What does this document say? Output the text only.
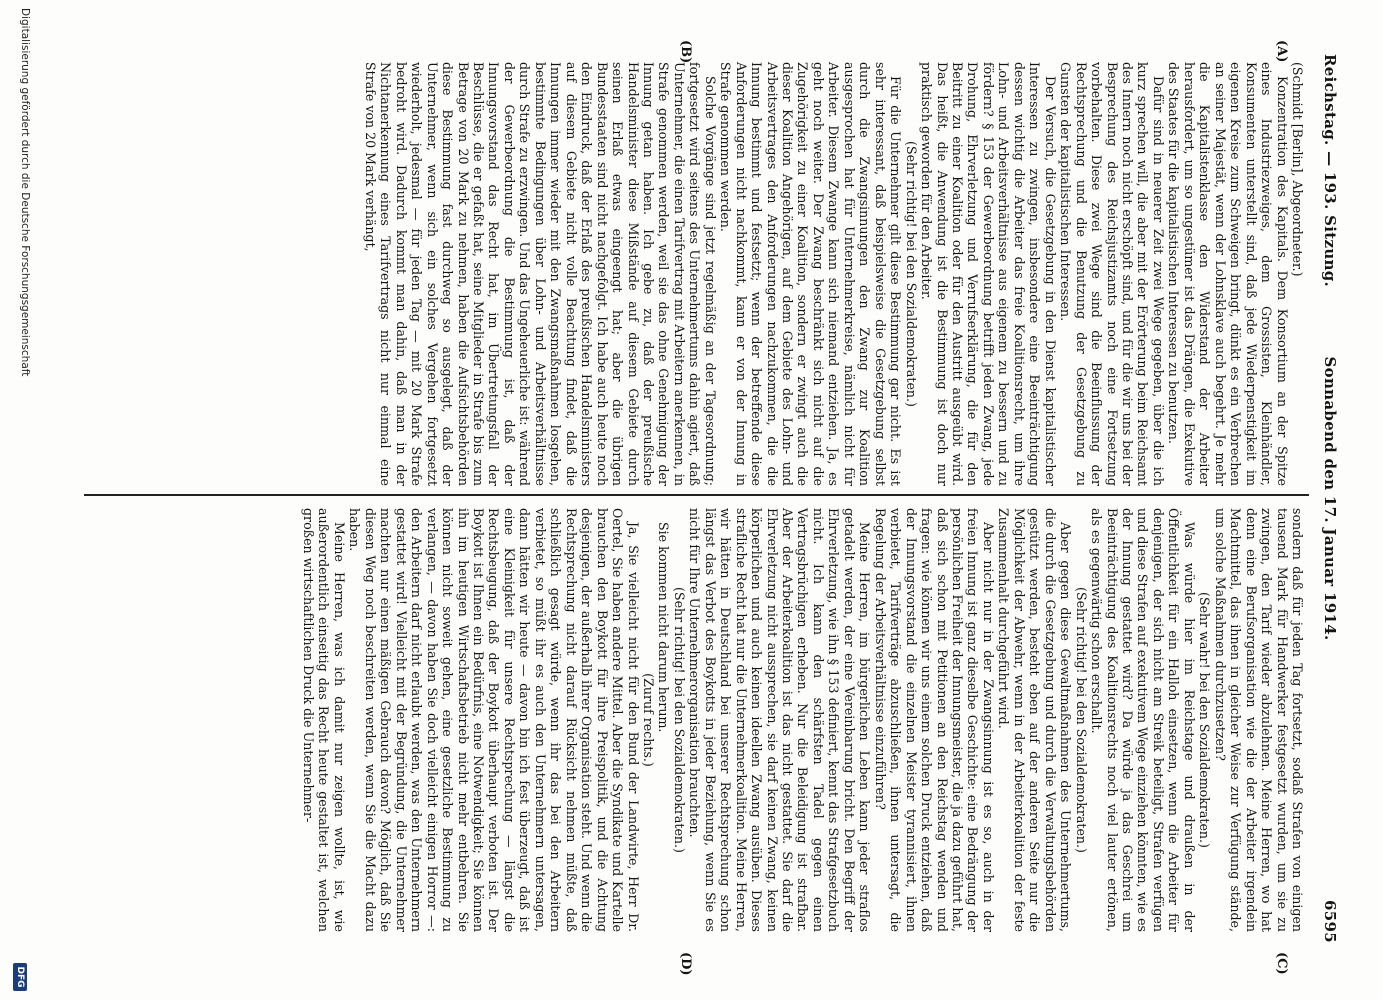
Reichstag. — 193. Sitzung.
Sonnabend den 17. Januar 1914.
6595
(A)
(B)
(C)
(D)

(Schmidt [Berlin], Abgeordneter.)

Konzentration des Kapitals. Dem Konsortium an der Spitze eines Industriezweiges, dem Grossisten, Kleinhändler, Konsumenten unterstellt sind, daß jede Wiederpenstigkeit im eigenen Kreise zum Schweigen bringt, dünkt es ein Verbrechen an seiner Majestät, wenn der Lohnsklave auch begehrt. Je mehr die Kapitalistenklasse den Widerstand der Arbeiter herausfordert, um so ungestümer ist das Drängen, die Exekutive des Staates für die kapitalistischen Interessen zu benutzen.

Dafür sind in neuerer Zeit zwei Wege gegeben, über die ich kurz sprechen will, die aber mit der Erörterung beim Reichsamt des Innern noch nicht erschöpft sind, und für die wir uns bei der Besprechung des Reichsjustizamts noch eine Fortsetzung vorbehalten. Diese zwei Wege sind die Beeinflussung der Rechtsprechung und die Benutzung der Gesetzgebung zu Gunsten der kapitalistischen Interessen.

Der Versuch, die Gesetzgebung in den Dienst kapitalistischer Interessen zu zwingen, insbesondere eine Beeinträchtigung dessen wichtig die Arbeiter das freie Koalitionsrecht, um ihre Lohn- und Arbeitsverhältnisse aus eigenem zu bessern und zu fördern? § 153 der Gewerbeordnung betrifft jeden Zwang, jede Drohung, Ehrverletzung und Verrufserklärung, die für den Beitritt zu einer Koalition oder für den Austritt ausgeübt wird. Das heißt, die Anwendung ist die Bestimmung ist doch nur praktisch geworden für den Arbeiter.

(Sehr richtig! bei den Sozialdemokraten.)

Für die Unternehmer gilt diese Bestimmung gar nicht. Es ist sehr interessant, daß beispielsweise die Gesetzgebung selbst durch die Zwangsinnungen den Zwang zur Koalition ausgesprochen hat für Unternehmerkreise, nämlich nicht für Arbeiter. Diesem Zwange kann sich niemand entziehen. Ja, es geht noch weiter. Der Zwang beschränkt sich nicht auf die Zugehörigkeit zu einer Koalition, sondern er zwingt auch die dieser Koalition Angehörigen, auf dem Gebiete des Lohn- und Arbeitsvertrages den Anforderungen nachzukommen, die die Innung bestimmt und festsetzt; wenn der betreffende diese Anforderungen nicht nachkommt, kann er von der Innung in Strafe genommen werden.

Solche Vorgänge sind jetzt regelmäßig an der Tagesordnung; fortgesetzt wird seitens des Unternehmertums dahin agiert, daß Unternehmer, die einen Tarifvertrag mit Arbeitern anerkennen, in Strafe genommen werden, weil sie das ohne Genehmigung der Innung getan haben. Ich gebe zu, daß der preußische Handelsminister diese Mißstände auf diesem Gebiete durch seinen Erlaß etwas eingeengt hat; aber die übrigen Bundesstaaten sind nicht nachgefolgt. Ich habe auch heute noch den Eindruck, daß der Erlaß des preußischen Handelsministers auf diesem Gebiete nicht volle Beachtung findet, daß die Innungen immer wieder mit den Zwangsmaßnahmen losgehen, bestimmte Bedingungen über Lohn- und Arbeitsverhältnisse durch Strafe zu erzwingen. Und das Ungeheuerliche ist: während der Gewerbeordnung die Bestimmung ist, daß der Innungsvorstand das Recht hat, im Übertretungsfall der Beschlüsse, die er gefaßt hat, seine Mitglieder in Strafe bis zum Betrage von 20 Mark zu nehmen, haben die Aufsichtsbehörden diese Bestimmung fast durchweg so ausgelegt, daß der Unternehmer, wenn sich ein solches Vergehen fortgesetzt wiederholt, jedesmal — für jeden Tag — mit 20 Mark Strafe bedroht wird. Dadurch kommt man dahin, daß man in der Nichtanerkennung eines Tarifvertrags nicht nur einmal eine Strafe von 20 Mark verhängt,

sondern daß für jeden Tag fortsetzt, sodaß Strafen von einigen tausend Mark für Handwerker festgesetzt wurden, um sie zu zwingen, den Tarif wieder abzulehnen. Meine Herren, wo hat denn eine Berufsorganisation wie die der Arbeiter irgendein Machtmittel, das ihnen in gleicher Weise zur Verfügung stände, um solche Maßnahmen durchzusetzen?

(Sehr wahr! bei den Sozialdemokraten.)

Was würde hier im Reichstage und draußen in der Öffentlichkeit für ein Halloh einsetzen, wenn die Arbeiter für denjenigen, der sich nicht am Streik beteiligt, Strafen verfügen und diese Strafen auf exekutivem Wege einziehen könnten, wie es der Innung gestattet wird? Da würde ja das Geschrei um Beeinträchtigung des Koalitionsrechts noch viel lauter ertönen, als es gegenwärtig schon erschallt.

(Sehr richtig! bei den Sozialdemokraten.)

Aber gegen diese Gewaltmaßnahmen des Unternehmertums, die durch die Gesetzgebung und durch die Verwaltungsbehörden gestützt werden, besteht eben auf der anderen Seite nur die Möglichkeit der Abwehr, wenn in der Arbeiterkoalition der feste Zusammenhalt durchgeführt wird.

Aber nicht nur in der Zwangsinnung ist es so, auch in der freien Innung ist ganz dieselbe Geschichte: eine Bedrängung der persönlichen Freiheit der Innungsmeister, die ja dazu geführt hat, daß sich schon mit Petitionen an den Reichstag wenden und fragen: wie können wir uns einem solchen Druck entziehen, daß der Innungsvorstand die einzelnen Meister tyrannisiert, ihnen verbietet, Tarifverträge abzuschließen, ihnen untersagt, die Regelung der Arbeitsverhältnisse einzuführen?

Meine Herren, im bürgerlichen Leben kann jeder straflos getadelt werden, der eine Vereinbarung bricht. Den Begriff der Ehrverletzung, wie ihn § 153 definiert, kennt das Strafgesetzbuch nicht. Ich kann den schärfsten Tadel gegen einen Vertragsbrüchigen erheben. Nur die Beleidigung ist strafbar. Aber der Arbeiterkoalition ist das nicht gestattet. Sie darf die Ehrverletzung nicht aussprechen, sie darf keinen Zwang, keinen körperlichen und auch keinen ideellen Zwang ausüben. Dieses strafliche Recht hat nur die Unternehmerkoalition. Meine Herren, wir hätten in Deutschland bei unserer Rechtsprechung schon längst das Verbot des Boykotts in jeder Beziehung, wenn Sie es nicht für Ihre Unternehmerorganisation brauchten.

(Sehr richtig! bei den Sozialdemokraten.)

Sie kommen nicht darum herum.

(Zuruf rechts.)

Ja, Sie vielleicht nicht für den Bund der Landwirte, Herr Dr. Oertel, Sie haben andere Mittel. Aber die Syndikate und Kartelle brauchen den Boykott für ihre Preispolitik, und die Achtung desjenigen, der außerhalb ihrer Organisation steht. Und wenn die Rechtsprechung nicht darauf Rücksicht nehmen müßte, daß schließlich gesagt würde, wenn ihr das bei den Arbeitern verbietet, so müßt ihr es auch den Unternehmern untersagen, dann hätten wir heute — davon bin ich fest überzeugt, daß ist eine Kleinigkeit für unsere Rechtsprechung — längst die Rechtsbeugung, daß der Boykott überhaupt verboten ist. Der Boykott ist Ihnen ein Bedürfnis, eine Notwendigkeit; Sie können ihn im heutigen Wirtschaftsbetrieb nicht mehr entbehren. Sie können nicht soweit gehen, eine gesetzliche Bestimmung zu verlangen, — davon haben Sie doch vielleicht einigen Horror —: den Arbeitern darf nicht erlaubt werden, was den Unternehmern gestattet wird! Vielleicht mit der Begründung, die Unternehmer machten nur einen mäßigen Gebrauch davon? Möglich, daß Sie diesen Weg noch beschreiten werden, wenn Sie die Macht dazu haben.

Meine Herren, was ich damit nur zeigen wollte, ist, wie außerordentlich einseitig das Recht heute gestaltet ist, welchen großen wirtschaftlichen Druck die Unternehmer-

Digitalisierung gefördert durch die Deutsche Forschungsgemeinschaft
DFG
